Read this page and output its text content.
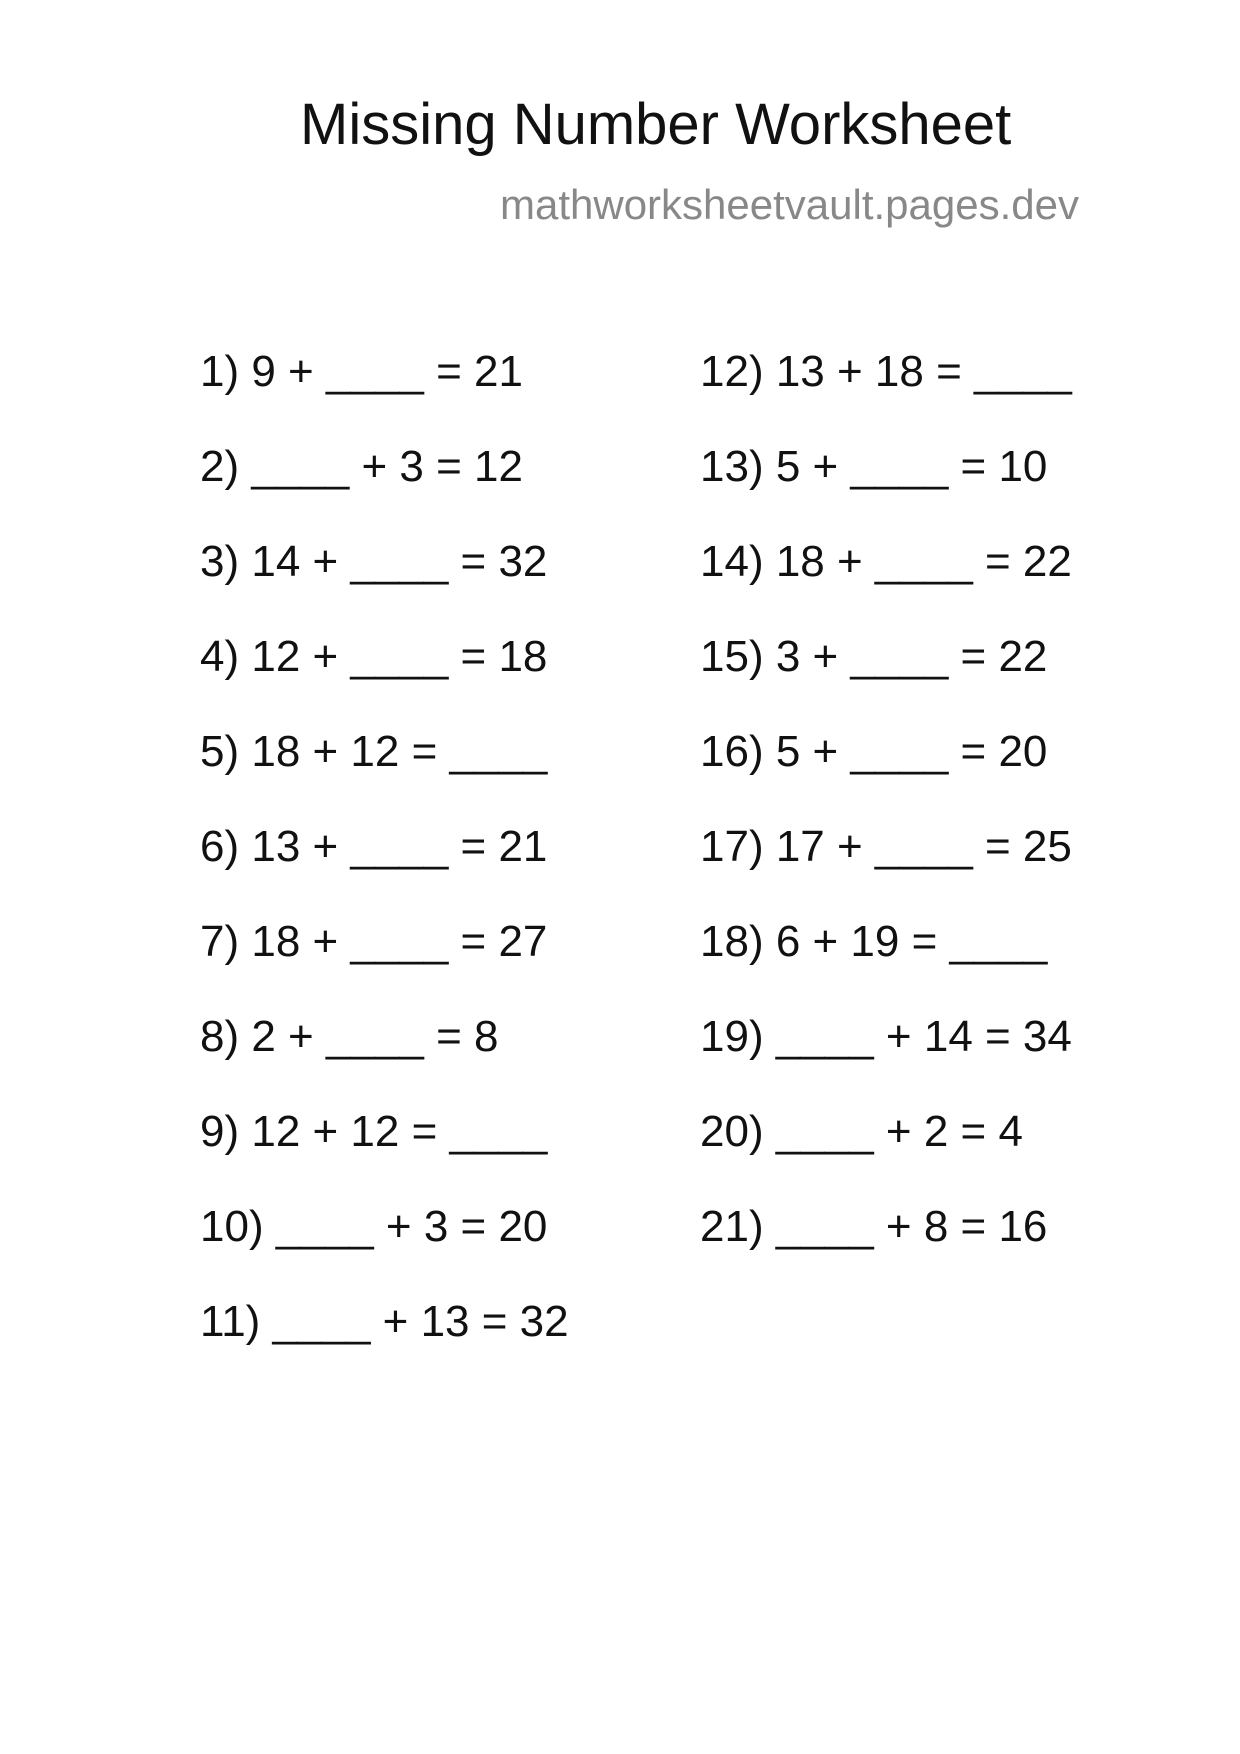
Missing Number Worksheet
mathworksheetvault.pages.dev
1) 9 + ____ = 21
2) ____ + 3 = 12
3) 14 + ____ = 32
4) 12 + ____ = 18
5) 18 + 12 = ____
6) 13 + ____ = 21
7) 18 + ____ = 27
8) 2 + ____ = 8
9) 12 + 12 = ____
10) ____ + 3 = 20
11) ____ + 13 = 32
12) 13 + 18 = ____
13) 5 + ____ = 10
14) 18 + ____ = 22
15) 3 + ____ = 22
16) 5 + ____ = 20
17) 17 + ____ = 25
18) 6 + 19 = ____
19) ____ + 14 = 34
20) ____ + 2 = 4
21) ____ + 8 = 16
